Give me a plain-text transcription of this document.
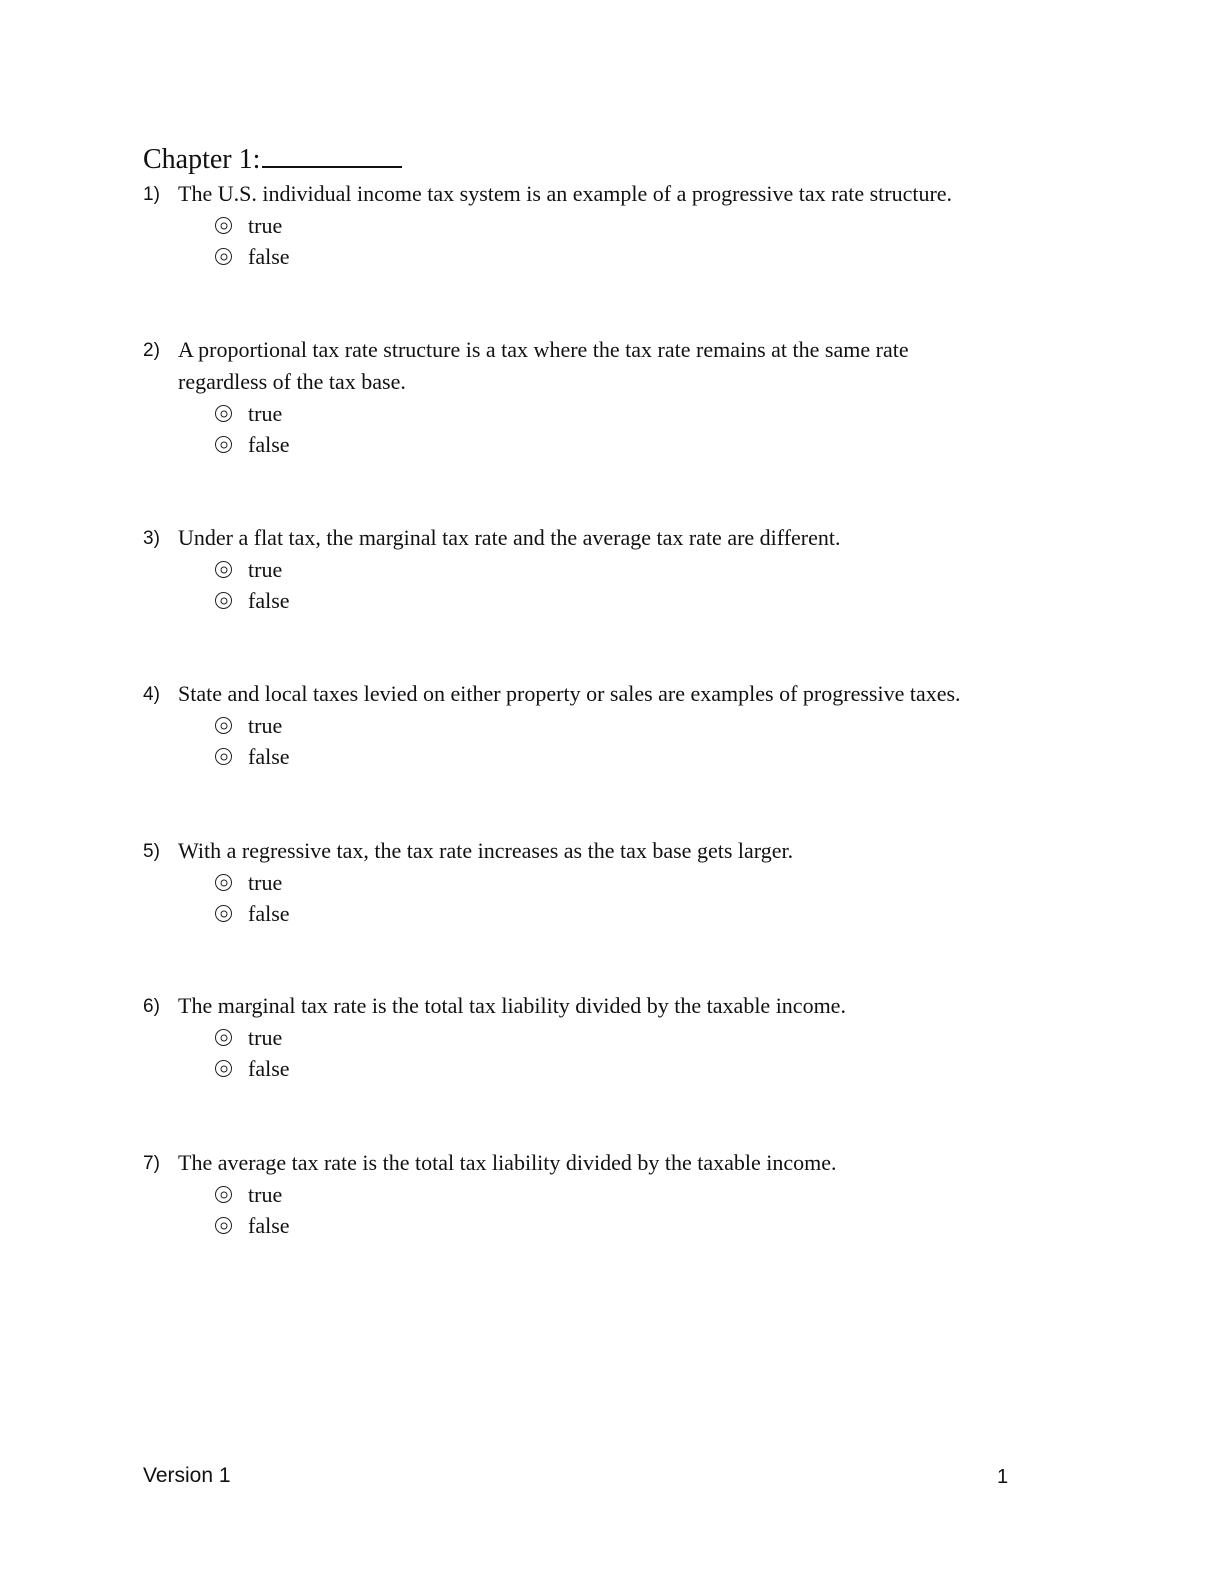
Chapter 1:
1) The U.S. individual income tax system is an example of a progressive tax rate structure.
true
false
2) A proportional tax rate structure is a tax where the tax rate remains at the same rate regardless of the tax base.
true
false
3) Under a flat tax, the marginal tax rate and the average tax rate are different.
true
false
4) State and local taxes levied on either property or sales are examples of progressive taxes.
true
false
5) With a regressive tax, the tax rate increases as the tax base gets larger.
true
false
6) The marginal tax rate is the total tax liability divided by the taxable income.
true
false
7) The average tax rate is the total tax liability divided by the taxable income.
true
false
Version 1	1
